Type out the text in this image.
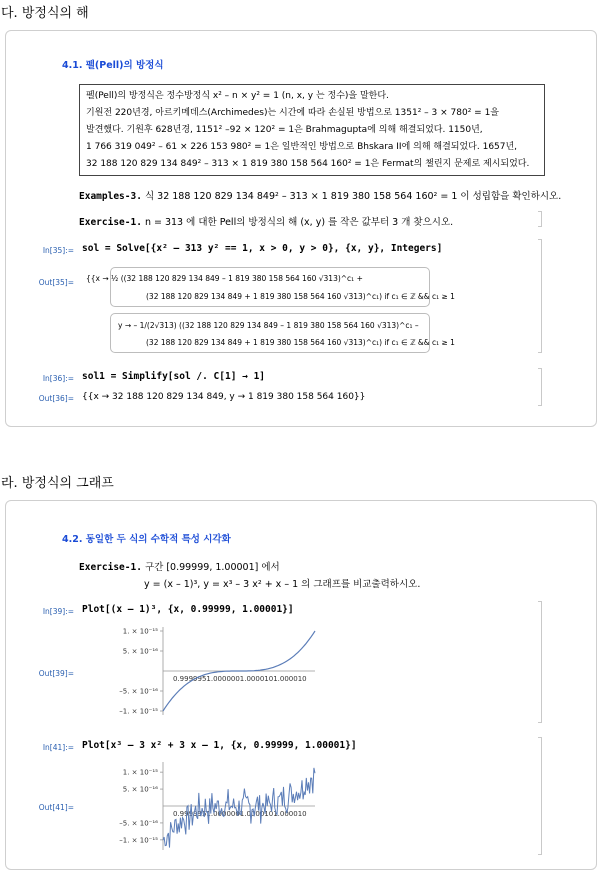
다. 방정식의 해
4.1. 펠(Pell)의 방정식
펠(Pell)의 방정식은 정수방정식 x² – n × y² = 1 (n, x, y 는 정수)을 말한다.
기원전 220년경, 아르키메데스(Archimedes)는 시간에 따라 손실된 방법으로 1351² – 3 × 780² = 1을
발견했다. 기원후 628년경, 1151² –92 × 120² = 1은 Brahmagupta에 의해 해결되었다. 1150년,
1 766 319 049² – 61 × 226 153 980² = 1은 일반적인 방법으로 Bhskara II에 의해 해결되었다. 1657년,
32 188 120 829 134 849² – 313 × 1 819 380 158 564 160² = 1은 Fermat의 챌린지 문제로 제시되었다.
Examples-3. 식 32 188 120 829 134 849² – 313 × 1 819 380 158 564 160² = 1 이 성립함을 확인하시오.
Exercise-1. n = 313 에 대한 Pell의 방정식의 해 (x, y) 를 작은 값부터 3 개 찾으시오.
In[35]:= sol = Solve[{x² – 313 y² == 1, x > 0, y > 0}, {x, y}, Integers]
Out[35]= {{x → ½ ((32 188 120 829 134 849 – 1 819 380 158 564 160 √313)^c₁ +
(32 188 120 829 134 849 + 1 819 380 158 564 160 √313)^c₁) if c₁ ∈ ℤ && c₁ ≥ 1
y → – 1/(2√313) ((32 188 120 829 134 849 – 1 819 380 158 564 160 √313)^c₁ –
(32 188 120 829 134 849 + 1 819 380 158 564 160 √313)^c₁) if c₁ ∈ ℤ && c₁ ≥ 1
In[36]:= sol1 = Simplify[sol /. C[1] → 1]
Out[36]= {{x → 32 188 120 829 134 849, y → 1 819 380 158 564 160}}
라. 방정식의 그래프
4.2. 동일한 두 식의 수학적 특성 시각화
Exercise-1. 구간 [0.99999, 1.00001] 에서
y = (x – 1)³, y = x³ – 3 x² + x – 1 의 그래프를 비교출력하시오.
In[39]:= Plot[(x – 1)³, {x, 0.99999, 1.00001}]
Out[39]=
1. × 10⁻¹⁵
5. × 10⁻¹⁶
–5. × 10⁻¹⁶
–1. × 10⁻¹⁵
0.9999951.0000001.0000101.000010
In[41]:= Plot[x³ – 3 x² + 3 x – 1, {x, 0.99999, 1.00001}]
Out[41]=
1. × 10⁻¹⁵
5. × 10⁻¹⁶
–5. × 10⁻¹⁶
–1. × 10⁻¹⁵
0.9999951.0000001.0000101.000010
